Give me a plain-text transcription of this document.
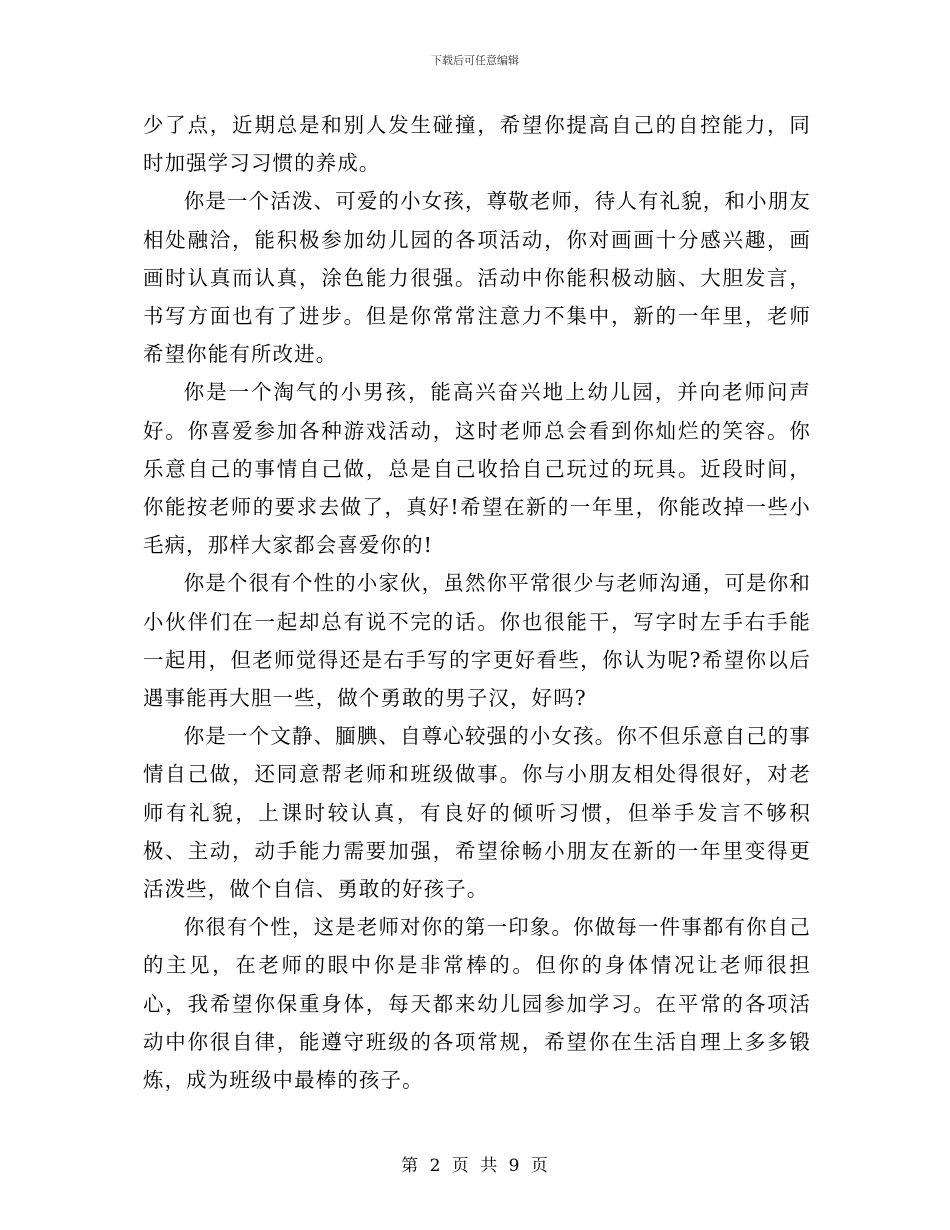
下载后可任意编辑

少了点，近期总是和别人发生碰撞，希望你提高自己的自控能力，同时加强学习习惯的养成。

你是一个活泼、可爱的小女孩，尊敬老师，待人有礼貌，和小朋友相处融洽，能积极参加幼儿园的各项活动，你对画画十分感兴趣，画画时认真而认真，涂色能力很强。活动中你能积极动脑、大胆发言，书写方面也有了进步。但是你常常注意力不集中，新的一年里，老师希望你能有所改进。

你是一个淘气的小男孩，能高兴奋兴地上幼儿园，并向老师问声好。你喜爱参加各种游戏活动，这时老师总会看到你灿烂的笑容。你乐意自己的事情自己做，总是自己收拾自己玩过的玩具。近段时间，你能按老师的要求去做了，真好!希望在新的一年里，你能改掉一些小毛病，那样大家都会喜爱你的!

你是个很有个性的小家伙，虽然你平常很少与老师沟通，可是你和小伙伴们在一起却总有说不完的话。你也很能干，写字时左手右手能一起用，但老师觉得还是右手写的字更好看些，你认为呢?希望你以后遇事能再大胆一些，做个勇敢的男子汉，好吗?

你是一个文静、腼腆、自尊心较强的小女孩。你不但乐意自己的事情自己做，还同意帮老师和班级做事。你与小朋友相处得很好，对老师有礼貌，上课时较认真，有良好的倾听习惯，但举手发言不够积极、主动，动手能力需要加强，希望徐畅小朋友在新的一年里变得更活泼些，做个自信、勇敢的好孩子。

你很有个性，这是老师对你的第一印象。你做每一件事都有你自己的主见，在老师的眼中你是非常棒的。但你的身体情况让老师很担心，我希望你保重身体，每天都来幼儿园参加学习。在平常的各项活动中你很自律，能遵守班级的各项常规，希望你在生活自理上多多锻炼，成为班级中最棒的孩子。

第 2 页 共 9 页
